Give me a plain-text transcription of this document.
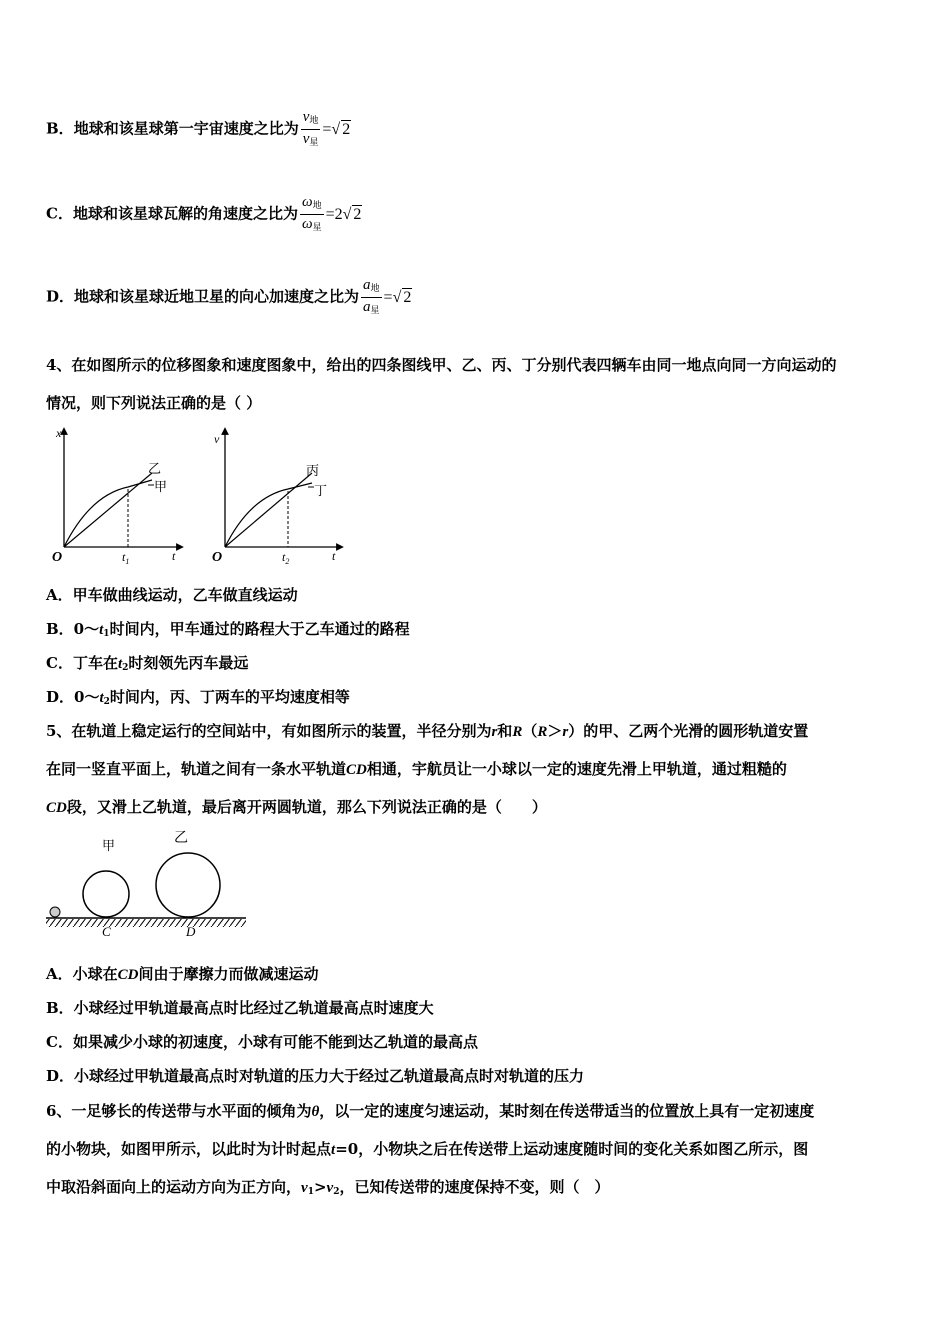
B．地球和该星球第一宇宙速度之比为 $\frac{v_地}{v_星}$ =√ 2
C．地球和该星球瓦解的角速度之比为 $\frac{\omega_地}{\omega_星} =2√$ 2
D．地球和该星球近地卫星的向心加速度之比为 $\frac{a_地}{a_星}$ =√ 2
4、在如图所示的位移图象和速度图象中，给出的四条图线甲、乙、丙、丁分别代表四辆车由同一地点向同一方向运动的
情况，则下列说法正确的是（ ）
x
t
O	$t_1$
乙
甲
v
t
O	$t_2$
丙
丁
A．甲车做曲线运动，乙车做直线运动
B．$0\sim t_1$时间内，甲车通过的路程大于乙车通过的路程
C．丁车在$t_2$时刻领先丙车最远
D．$0\sim t_2$时间内，丙、丁两车的平均速度相等
5、在轨道上稳定运行的空间站中，有如图所示的装置，半径分别为r和R（R＞r）的甲、乙两个光滑的圆形轨道安置
在同一竖直平面上，轨道之间有一条水平轨道CD相通，宇航员让一小球以一定的速度先滑上甲轨道，通过粗糙的
CD段，又滑上乙轨道，最后离开两圆轨道，那么下列说法正确的是（　　）
甲	乙
C	D
A．小球在CD间由于摩擦力而做减速运动
B．小球经过甲轨道最高点时比经过乙轨道最高点时速度大
C．如果减少小球的初速度，小球有可能不能到达乙轨道的最高点
D．小球经过甲轨道最高点时对轨道的压力大于经过乙轨道最高点时对轨道的压力
6、一足够长的传送带与水平面的倾角为θ，以一定的速度匀速运动，某时刻在传送带适当的位置放上具有一定初速度
的小物块，如图甲所示，以此时为计时起点t=0，小物块之后在传送带上运动速度随时间的变化关系如图乙所示，图
中取沿斜面向上的运动方向为正方向，$v_1>v_2$，已知传送带的速度保持不变，则（　）
